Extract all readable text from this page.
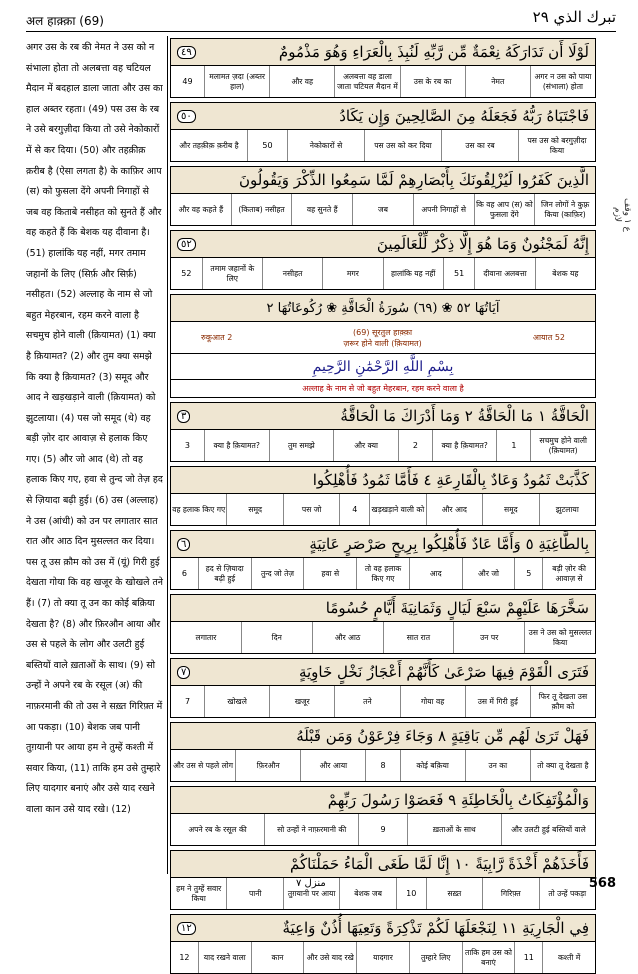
अल हाक़्क़ा (69)	تبرك الذي ٢٩
अगर उस के रब की नेमत ने उस को न संभाला होता तो अलबत्ता वह चटियल मैदान में बदहाल डाला जाता और उस का हाल अब्तर रहता। (49) पस उस के रब ने उसे बरगुज़ीदा किया तो उसे नेकोकारों में से कर दिया। (50) और तहक़ीक़ क़रीब है (ऐसा लगता है) के काफ़िर आप (स) को फुसला देंगे अपनी निगाहों से जब वह किताबे नसीहत को सुनते हैं और वह कहते हैं कि बेशक यह दीवाना है। (51) हालांकि यह नहीं, मगर तमाम जहानों के लिए (सिर्फ़ और सिर्फ़) नसीहत। (52) अल्लाह के नाम से जो बहुत मेहरबान, रहम करने वाला है सचमुच होने वाली (क़ियामत) (1) क्या है क़ियामत? (2) और तुम क्या समझे कि क्या है क़ियामत? (3) समूद और आद ने खड़खड़ाने वाली (क़ियामत) को झुटलाया। (4) पस जो समूद (थे) वह बड़ी ज़ोर दार आवाज़ से हलाक किए गए। (5) और जो आद (थे) तो वह हलाक किए गए, हवा से तुन्द जो तेज़ हद से ज़ियादा बढ़ी हुई। (6) उस (अल्लाह) ने उस (आंधी) को उन पर लगातार सात रात और आठ दिन मुसल्लत कर दिया। पस तू उस क़ौम को उस में (यूं) गिरी हुई देखता गोया कि वह खजूर के खोखले तने हैं। (7) तो क्या तू उन का कोई बक़िया देखता है? (8) और फ़िरऔन आया और उस से पहले के लोग और उलटी हुई बस्तियों वाले ख़ताओं के साथ। (9) सो उन्हों ने अपने रब के रसूल (अ) की नाफ़रमानी की तो उस ने सख़्त गिरिफ़्त में आ पकड़ा। (10) बेशक जब पानी तुग़यानी पर आया हम ने तुम्हें कश्ती में सवार किया, (11) ताकि हम उसे तुम्हारे लिए यादगार बनाएं और उसे याद रखने वाला कान उसे याद रखे। (12)
ع ١ وقف لازم
لَوْلَا أَن تَدَارَكَهُ نِعْمَةٌ مِّن رَّبِّهِ لَنُبِذَ بِالْعَرَاءِ وَهُوَ مَذْمُومٌ
٤٩
अगर न उस को पाया (संभाला) होता
नेमत
उस के रब का
अलबत्ता वह डाला जाता चटियल मैदान में
और वह
मलामत ज़दा (अब्तर हाल)
49
فَاجْتَبَاهُ رَبُّهُ فَجَعَلَهُ مِنَ الصَّالِحِينَ وَإِن يَكَادُ
٥٠
पस उस को बरगुज़ीदा किया
उस का रब
पस उस को कर दिया
नेकोकारों से
50
और तहक़ीक़ क़रीब है
الَّذِينَ كَفَرُوا لَيُزْلِقُونَكَ بِأَبْصَارِهِمْ لَمَّا سَمِعُوا الذِّكْرَ وَيَقُولُونَ
जिन लोगों ने कुफ़्र किया (काफ़िर)
कि वह आप (स) को फुसला देंगे
अपनी निगाहों से
जब
वह सुनते हैं
(किताब) नसीहत
और वह कहते हैं
إِنَّهُ لَمَجْنُونٌ وَمَا هُوَ إِلَّا ذِكْرٌ لِّلْعَالَمِينَ
٥٢
बेशक यह
दीवाना अलबत्ता
51
हालांकि यह नहीं
मगर
नसीहत
तमाम जहानों के लिए
52
آيَاتُهَا ٥٢ ❀ (٦٩) سُورَةُ الْحَاقَّةِ ❀ رُكُوعَاتُهَا ٢
रुकूआत 2
(69) सूरतुल हाक़्क़ा
ज़रूर होने वाली (क़ियामत)
आयात 52
بِسْمِ اللَّهِ الرَّحْمَٰنِ الرَّحِيمِ
अल्लाह के नाम से जो बहुत मेहरबान, रहम करने वाला है
الْحَاقَّةُ ١ مَا الْحَاقَّةُ ٢ وَمَا أَدْرَاكَ مَا الْحَاقَّةُ
٣
सचमुच होने वाली (क़ियामत)
1
क्या है क़ियामत?
2
और क्या
तुम समझे
क्या है क़ियामत?
3
كَذَّبَتْ ثَمُودُ وَعَادٌ بِالْقَارِعَةِ ٤ فَأَمَّا ثَمُودُ فَأُهْلِكُوا
झुटलाया
समूद
और आद
खड़खड़ाने वाली को
4
पस जो
समूद
वह हलाक किए गए
بِالطَّاغِيَةِ ٥ وَأَمَّا عَادٌ فَأُهْلِكُوا بِرِيحٍ صَرْصَرٍ عَاتِيَةٍ
٦
बड़ी ज़ोर की आवाज़ से
5
और जो
आद
तो वह हलाक किए गए
हवा से
तुन्द जो तेज़
हद से ज़ियादा बढ़ी हुई
6
سَخَّرَهَا عَلَيْهِمْ سَبْعَ لَيَالٍ وَثَمَانِيَةَ أَيَّامٍ حُسُومًا
उस ने उस को मुसल्लत किया
उन पर
सात रात
और आठ
दिन
लगातार
فَتَرَى الْقَوْمَ فِيهَا صَرْعَىٰ كَأَنَّهُمْ أَعْجَازُ نَخْلٍ خَاوِيَةٍ
٧
फिर तू देखता उस क़ौम को
उस में गिरी हुई
गोया वह
तने
खजूर
खोखले
7
فَهَلْ تَرَىٰ لَهُم مِّن بَاقِيَةٍ ٨ وَجَاءَ فِرْعَوْنُ وَمَن قَبْلَهُ
तो क्या तू देखता है
उन का
कोई बक़िया
8
और आया
फ़िरऔन
और उस से पहले लोग
وَالْمُؤْتَفِكَاتُ بِالْخَاطِئَةِ ٩ فَعَصَوْا رَسُولَ رَبِّهِمْ
और उलटी हुई बस्तियों वाले
ख़ताओं के साथ
9
सो उन्हों ने नाफ़रमानी की
अपने रब के रसूल की
فَأَخَذَهُمْ أَخْذَةً رَّابِيَةً ١٠ إِنَّا لَمَّا طَغَى الْمَاءُ حَمَلْنَاكُمْ
तो उन्हें पकड़ा
गिरिफ़्त
सख़्त
10
बेशक जब
तुग़यानी पर आया
पानी
हम ने तुम्हें सवार किया
فِي الْجَارِيَةِ ١١ لِنَجْعَلَهَا لَكُمْ تَذْكِرَةً وَتَعِيَهَا أُذُنٌ وَاعِيَةٌ
١٢
कश्ती में
11
ताकि हम उस को बनाएं
तुम्हारे लिए
यादगार
और उसे याद रखे
कान
याद रखने वाला
12
منزل ٧	568
